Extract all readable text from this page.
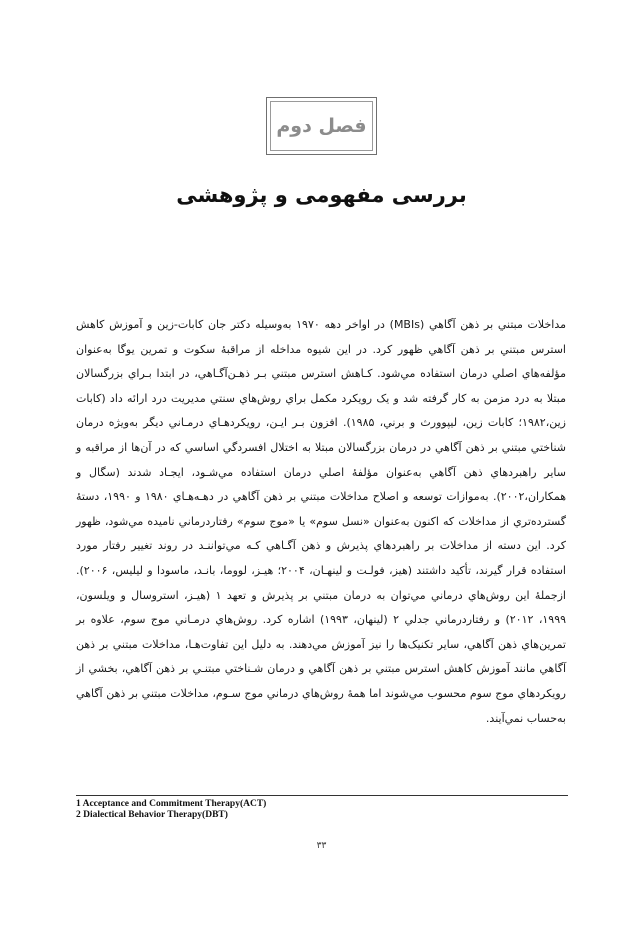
فصل دوم
بررسی مفهومی و پژوهشی

مداخلات مبتني بر ذهن آگاهي (MBIs) در اواخر دهه ۱۹۷۰ به‌وسیله دکتر جان کابات-زين و آموزش كاهش استرس مبتني بر ذهن آگاهي ظهور کرد. در اين شيوه مداخله از مراقبهٔ سکوت و تمرين يوگا به‌عنوان مؤلفه‌هاي اصلي درمان استفاده مي‌شود. کـاهش استرس مبتني بـر ذهـن‌آگـاهي، در ابتدا بـراي بزرگسالان مبتلا به درد مزمن به کار گرفته شد و يک رويکرد مکمل براي روش‌هاي سنتي مديريت درد ارائه داد (کابات زين،۱۹۸۲؛ کابات زين، ليپوورث و برني، ۱۹۸۵). افزون بـر ايـن، رويکردهـاي درمـاني ديگر به‌ويژه درمان شناختي مبتني بر ذهن آگاهي در درمان بزرگسالان مبتلا به اختلال افسردگي اساسي که در آن‌ها از مراقبه و ساير راهبردهاي ذهن آگاهي به‌عنوان مؤلفهٔ اصلي درمان استفاده مي‌شـود، ايجـاد شدند (سگال و همکاران،۲۰۰۲). به‌موازات توسعه و اصلاح مداخلات مبتني بر ذهن آگاهي در دهـه‌هـاي ۱۹۸۰ و ۱۹۹۰، دستهٔ گسترده‌تري از مداخلات که اکنون به‌عنوان «نسل سوم» يا «موج سوم» رفتاردرماني ناميده مي‌شود، ظهور کرد. اين دسته از مداخلات بر راهبردهاي پذيرش و ذهن آگـاهي کـه مي‌تواننـد در روند تغيير رفتار مورد استفاده قرار گيرند، تأکيد داشتند (هيز، فولـت و لينهـان، ۲۰۰۴؛ هيـز، لووما، بانـد، ماسودا و ليليس، ۲۰۰۶). ازجملهٔ اين روش‌هاي درماني مي‌توان به درمان مبتني بر پذيرش و تعهد ۱ (هيـز، استروسال و ويلسون، ۱۹۹۹، ۲۰۱۲) و رفتاردرماني جدلي ۲ (لينهان، ۱۹۹۳) اشاره کرد. روش‌هاي درمـاني موج سوم، علاوه بر تمرين‌هاي ذهن آگاهي، ساير تکنيک‌ها را نيز آموزش مي‌دهند. به دليل اين تفاوت‌هـا، مداخلات مبتني بر ذهن آگاهي مانند آموزش کاهش استرس مبتني بر ذهن آگاهي و درمان شـناختي مبتنـي بر ذهن آگاهي، بخشي از رويکردهاي موج سوم محسوب مي‌شوند اما همهٔ روش‌هاي درماني موج سـوم، مداخلات مبتني بر ذهن آگاهي به‌حساب نمي‌آيند.

1 Acceptance and Commitment Therapy(ACT)
2 Dialectical Behavior Therapy(DBT)
۳۳
